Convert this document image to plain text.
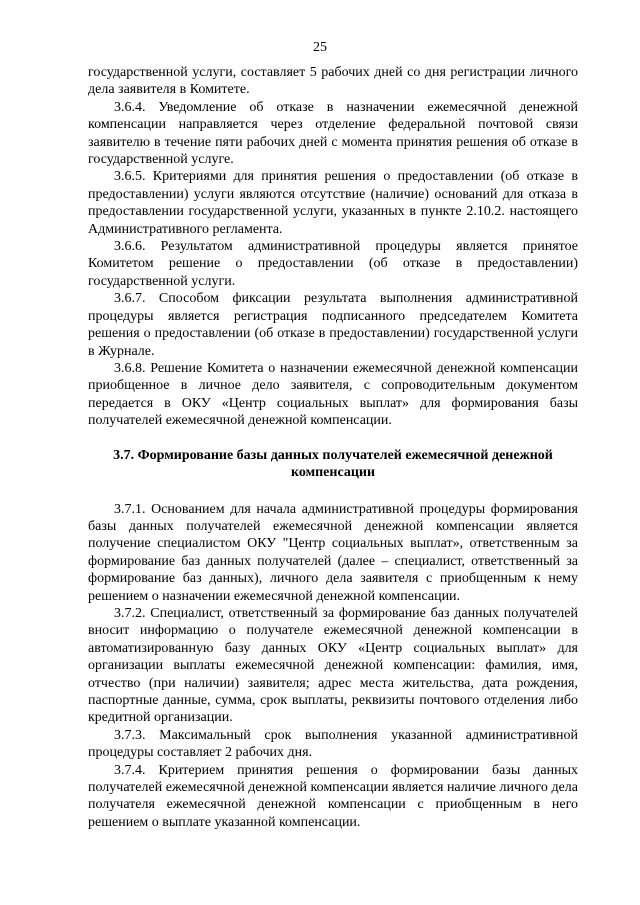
25

государственной услуги, составляет 5 рабочих дней со дня регистрации личного дела заявителя в Комитете.

3.6.4. Уведомление об отказе в назначении ежемесячной денежной компенсации направляется через отделение федеральной почтовой связи заявителю в течение пяти рабочих дней с момента принятия решения об отказе в государственной услуге.

3.6.5. Критериями для принятия решения о предоставлении (об отказе в предоставлении) услуги являются отсутствие (наличие) оснований для отказа в предоставлении государственной услуги, указанных в пункте 2.10.2. настоящего Административного регламента.

3.6.6. Результатом административной процедуры является принятое Комитетом решение о предоставлении (об отказе в предоставлении) государственной услуги.

3.6.7. Способом фиксации результата выполнения административной процедуры является регистрация подписанного председателем Комитета решения о предоставлении (об отказе в предоставлении) государственной услуги в Журнале.

3.6.8. Решение Комитета о назначении ежемесячной денежной компенсации приобщенное в личное дело заявителя, с сопроводительным документом передается в ОКУ «Центр социальных выплат» для формирования базы получателей ежемесячной денежной компенсации.

3.7. Формирование базы данных получателей ежемесячной денежной
компенсации

3.7.1. Основанием для начала административной процедуры формирования базы данных получателей ежемесячной денежной компенсации является получение специалистом ОКУ "Центр социальных выплат», ответственным за формирование баз данных получателей (далее – специалист, ответственный за формирование баз данных), личного дела заявителя с приобщенным к нему решением о назначении ежемесячной денежной компенсации.

3.7.2. Специалист, ответственный за формирование баз данных получателей вносит информацию о получателе ежемесячной денежной компенсации в автоматизированную базу данных ОКУ «Центр социальных выплат» для организации выплаты ежемесячной денежной компенсации: фамилия, имя, отчество (при наличии) заявителя; адрес места жительства, дата рождения, паспортные данные, сумма, срок выплаты, реквизиты почтового отделения либо кредитной организации.

3.7.3. Максимальный срок выполнения указанной административной процедуры составляет 2 рабочих дня.

3.7.4. Критерием принятия решения о формировании базы данных получателей ежемесячной денежной компенсации является наличие личного дела получателя ежемесячной денежной компенсации с приобщенным в него решением о выплате указанной компенсации.
